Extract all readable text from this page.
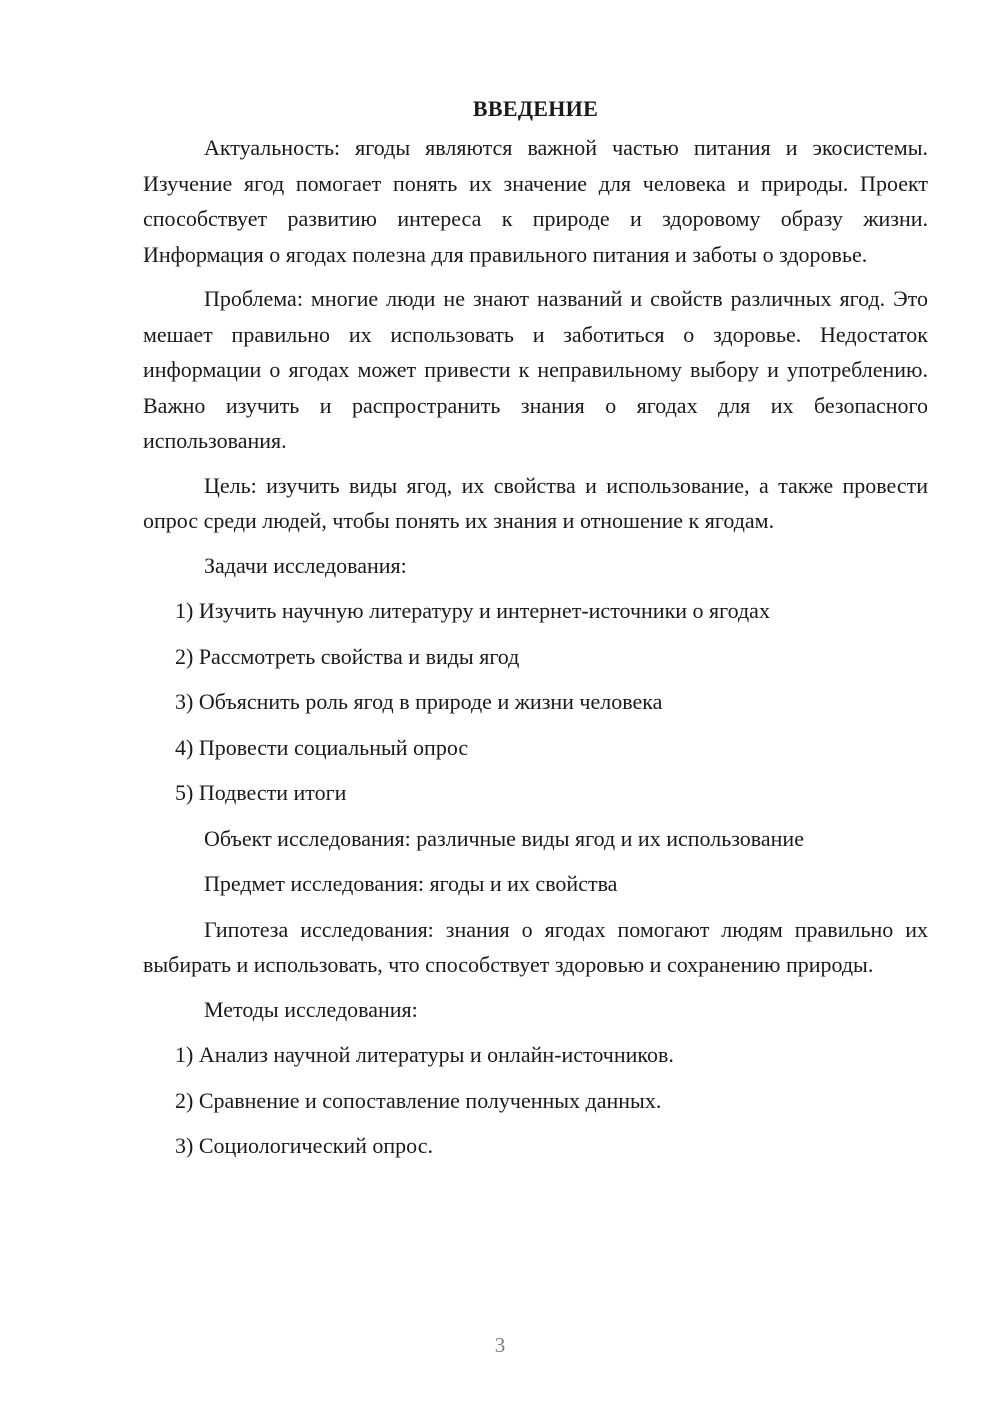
ВВЕДЕНИЕ

Актуальность: ягоды являются важной частью питания и экосистемы. Изучение ягод помогает понять их значение для человека и природы. Проект способствует развитию интереса к природе и здоровому образу жизни. Информация о ягодах полезна для правильного питания и заботы о здоровье.

Проблема: многие люди не знают названий и свойств различных ягод. Это мешает правильно их использовать и заботиться о здоровье. Недостаток информации о ягодах может привести к неправильному выбору и употреблению. Важно изучить и распространить знания о ягодах для их безопасного использования.

Цель: изучить виды ягод, их свойства и использование, а также провести опрос среди людей, чтобы понять их знания и отношение к ягодам.

Задачи исследования:
1) Изучить научную литературу и интернет-источники о ягодах
2) Рассмотреть свойства и виды ягод
3) Объяснить роль ягод в природе и жизни человека
4) Провести социальный опрос
5) Подвести итоги
Объект исследования: различные виды ягод и их использование
Предмет исследования: ягоды и их свойства

Гипотеза исследования: знания о ягодах помогают людям правильно их выбирать и использовать, что способствует здоровью и сохранению природы.

Методы исследования:
1) Анализ научной литературы и онлайн-источников.
2) Сравнение и сопоставление полученных данных.
3) Социологический опрос.
3
